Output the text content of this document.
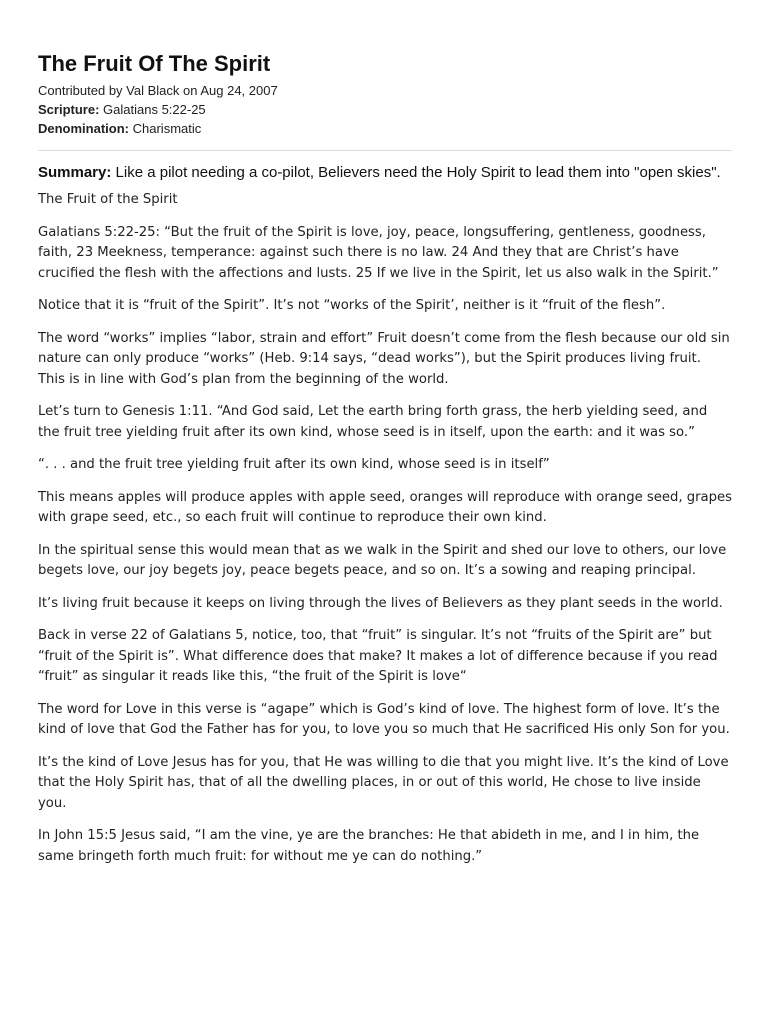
The Fruit Of The Spirit
Contributed by Val Black on Aug 24, 2007
Scripture: Galatians 5:22-25
Denomination: Charismatic
Summary: Like a pilot needing a co-pilot, Believers need the Holy Spirit to lead them into "open skies".

The Fruit of the Spirit

Galatians 5:22-25: “But the fruit of the Spirit is love, joy, peace, longsuffering, gentleness, goodness, faith, 23 Meekness, temperance: against such there is no law. 24 And they that are Christ’s have crucified the flesh with the affections and lusts. 25 If we live in the Spirit, let us also walk in the Spirit.”

Notice that it is “fruit of the Spirit”. It’s not “works of the Spirit’, neither is it “fruit of the flesh”.

The word “works” implies “labor, strain and effort” Fruit doesn’t come from the flesh because our old sin nature can only produce “works” (Heb. 9:14 says, “dead works”), but the Spirit produces living fruit. This is in line with God’s plan from the beginning of the world.

Let’s turn to Genesis 1:11. “And God said, Let the earth bring forth grass, the herb yielding seed, and the fruit tree yielding fruit after its own kind, whose seed is in itself, upon the earth: and it was so.”

“. . . and the fruit tree yielding fruit after its own kind, whose seed is in itself”

This means apples will produce apples with apple seed, oranges will reproduce with orange seed, grapes with grape seed, etc., so each fruit will continue to reproduce their own kind.

In the spiritual sense this would mean that as we walk in the Spirit and shed our love to others, our love begets love, our joy begets joy, peace begets peace, and so on. It’s a sowing and reaping principal.

It’s living fruit because it keeps on living through the lives of Believers as they plant seeds in the world.

Back in verse 22 of Galatians 5, notice, too, that “fruit” is singular. It’s not “fruits of the Spirit are” but “fruit of the Spirit is”. What difference does that make? It makes a lot of difference because if you read “fruit” as singular it reads like this, “the fruit of the Spirit is love“

The word for Love in this verse is “agape” which is God’s kind of love. The highest form of love. It’s the kind of love that God the Father has for you, to love you so much that He sacrificed His only Son for you.

It’s the kind of Love Jesus has for you, that He was willing to die that you might live. It’s the kind of Love that the Holy Spirit has, that of all the dwelling places, in or out of this world, He chose to live inside you.

In John 15:5 Jesus said, “I am the vine, ye are the branches: He that abideth in me, and I in him, the same bringeth forth much fruit: for without me ye can do nothing.”
